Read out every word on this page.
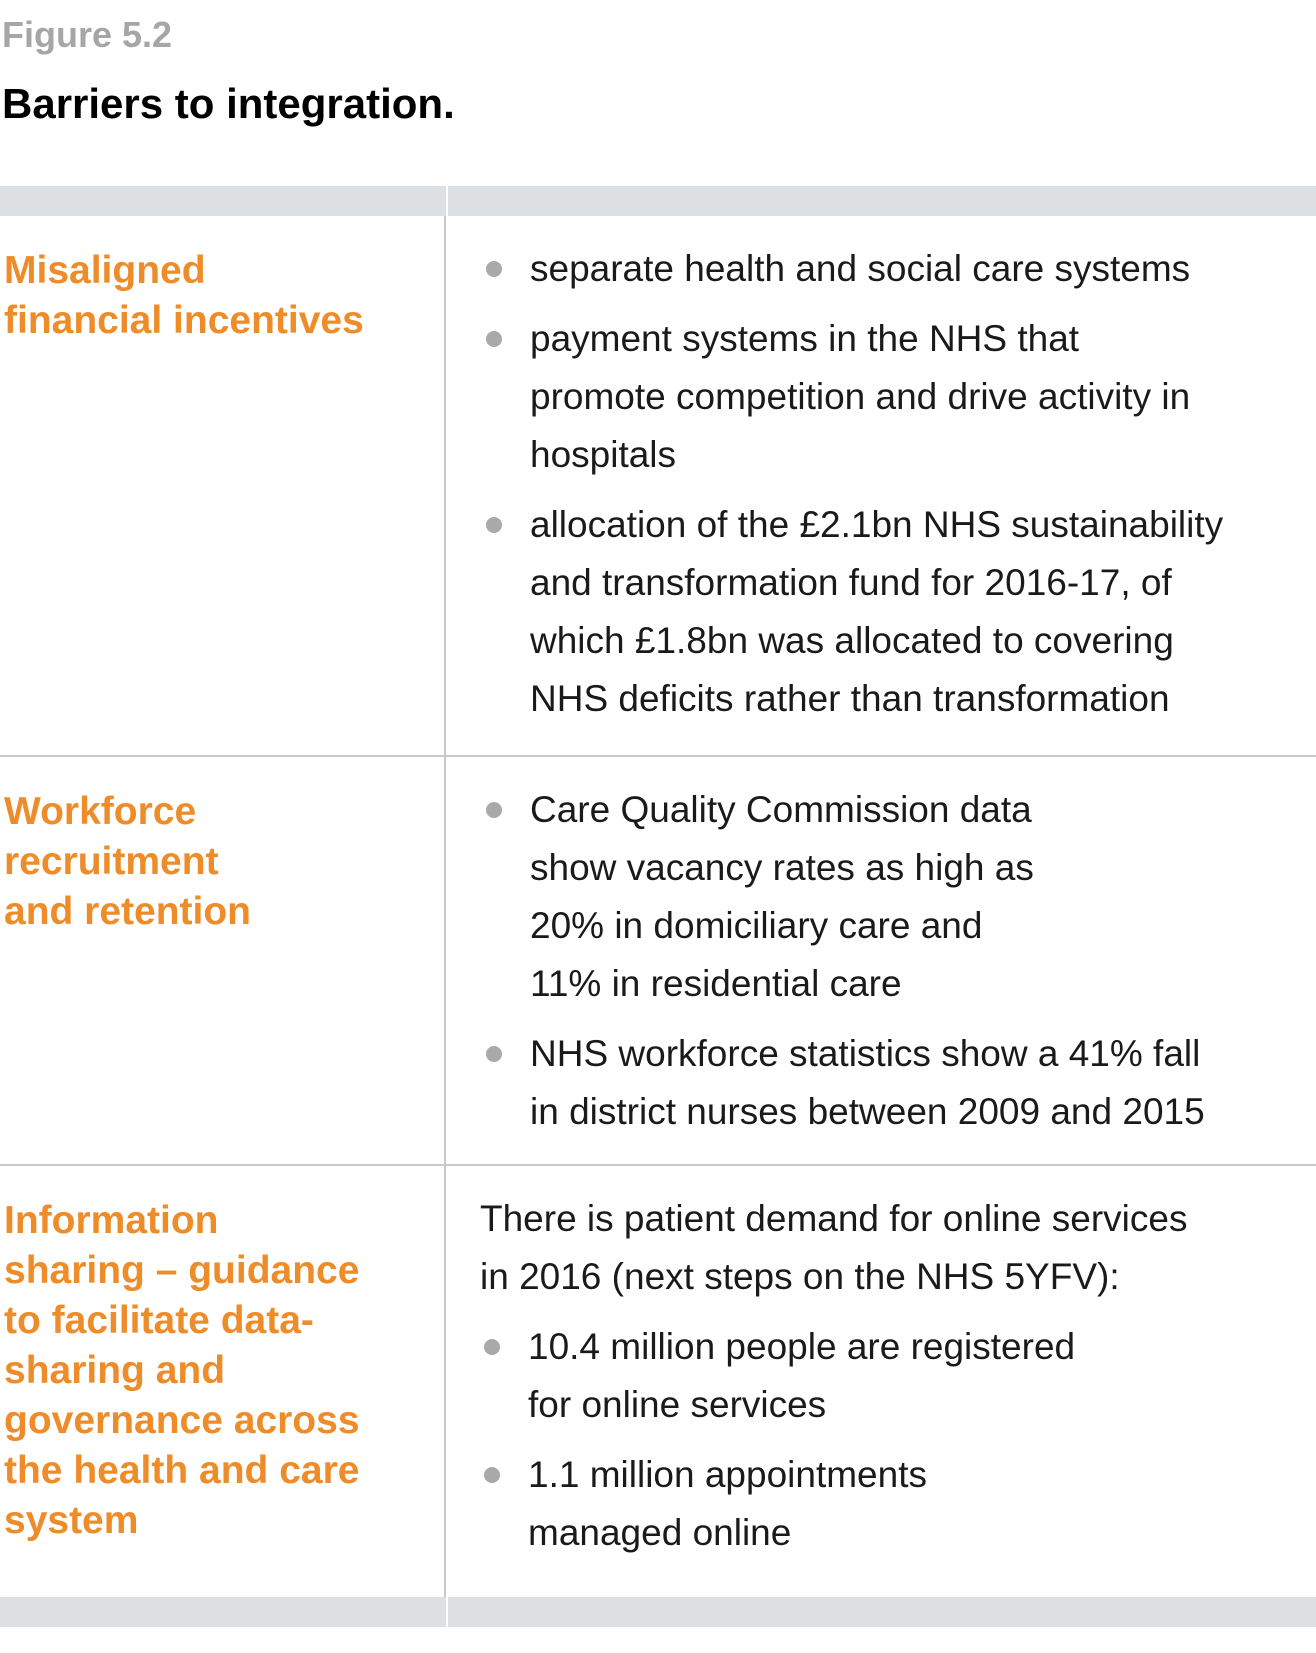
Figure 5.2
Barriers to integration.
Misaligned
financial incentives
separate health and social care systems
payment systems in the NHS that
promote competition and drive activity in
hospitals
allocation of the £2.1bn NHS sustainability
and transformation fund for 2016-17, of
which £1.8bn was allocated to covering
NHS deficits rather than transformation
Workforce
recruitment
and retention
Care Quality Commission data
show vacancy rates as high as
20% in domiciliary care and
11% in residential care
NHS workforce statistics show a 41% fall
in district nurses between 2009 and 2015
Information
sharing – guidance
to facilitate data-
sharing and
governance across
the health and care
system
There is patient demand for online services
in 2016 (next steps on the NHS 5YFV):
10.4 million people are registered
for online services
1.1 million appointments
managed online
